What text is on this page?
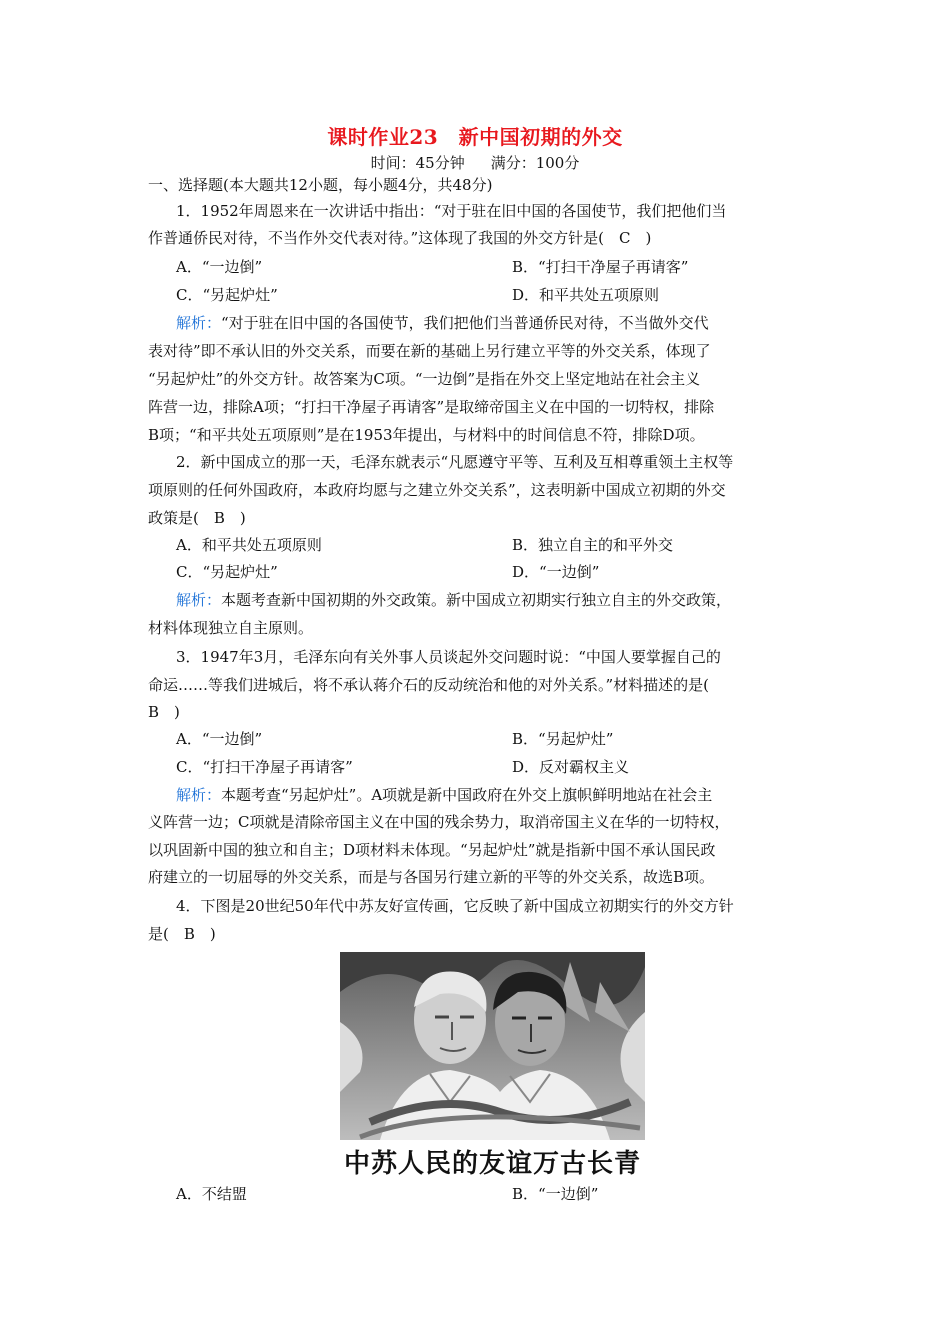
课时作业23　新中国初期的外交
时间：45分钟 满分：100分
一、选择题(本大题共12小题，每小题4分，共48分)
1．1952年周恩来在一次讲话中指出：“对于驻在旧中国的各国使节，我们把他们当
作普通侨民对待，不当作外交代表对待。”这体现了我国的外交方针是(　C　)
A．“一边倒”	B．“打扫干净屋子再请客”
C．“另起炉灶”	D．和平共处五项原则
解析：“对于驻在旧中国的各国使节，我们把他们当普通侨民对待，不当做外交代
表对待”即不承认旧的外交关系，而要在新的基础上另行建立平等的外交关系，体现了
“另起炉灶”的外交方针。故答案为C项。“一边倒”是指在外交上坚定地站在社会主义
阵营一边，排除A项；“打扫干净屋子再请客”是取缔帝国主义在中国的一切特权，排除
B项；“和平共处五项原则”是在1953年提出，与材料中的时间信息不符，排除D项。
2．新中国成立的那一天，毛泽东就表示“凡愿遵守平等、互利及互相尊重领土主权等
项原则的任何外国政府，本政府均愿与之建立外交关系”，这表明新中国成立初期的外交
政策是(　B　)
A．和平共处五项原则	B．独立自主的和平外交
C．“另起炉灶”	D．“一边倒”
解析：本题考查新中国初期的外交政策。新中国成立初期实行独立自主的外交政策，
材料体现独立自主原则。
3．1947年3月，毛泽东向有关外事人员谈起外交问题时说：“中国人要掌握自己的
命运……等我们进城后，将不承认蒋介石的反动统治和他的对外关系。”材料描述的是(
B　)
A．“一边倒”	B．“另起炉灶”
C．“打扫干净屋子再请客”	D．反对霸权主义
解析：本题考查“另起炉灶”。A项就是新中国政府在外交上旗帜鲜明地站在社会主
义阵营一边；C项就是清除帝国主义在中国的残余势力，取消帝国主义在华的一切特权，
以巩固新中国的独立和自主；D项材料未体现。“另起炉灶”就是指新中国不承认国民政
府建立的一切屈辱的外交关系，而是与各国另行建立新的平等的外交关系，故选B项。
4．下图是20世纪50年代中苏友好宣传画，它反映了新中国成立初期实行的外交方针
是(　B　)
中苏人民的友谊万古长青
A．不结盟	B．“一边倒”
